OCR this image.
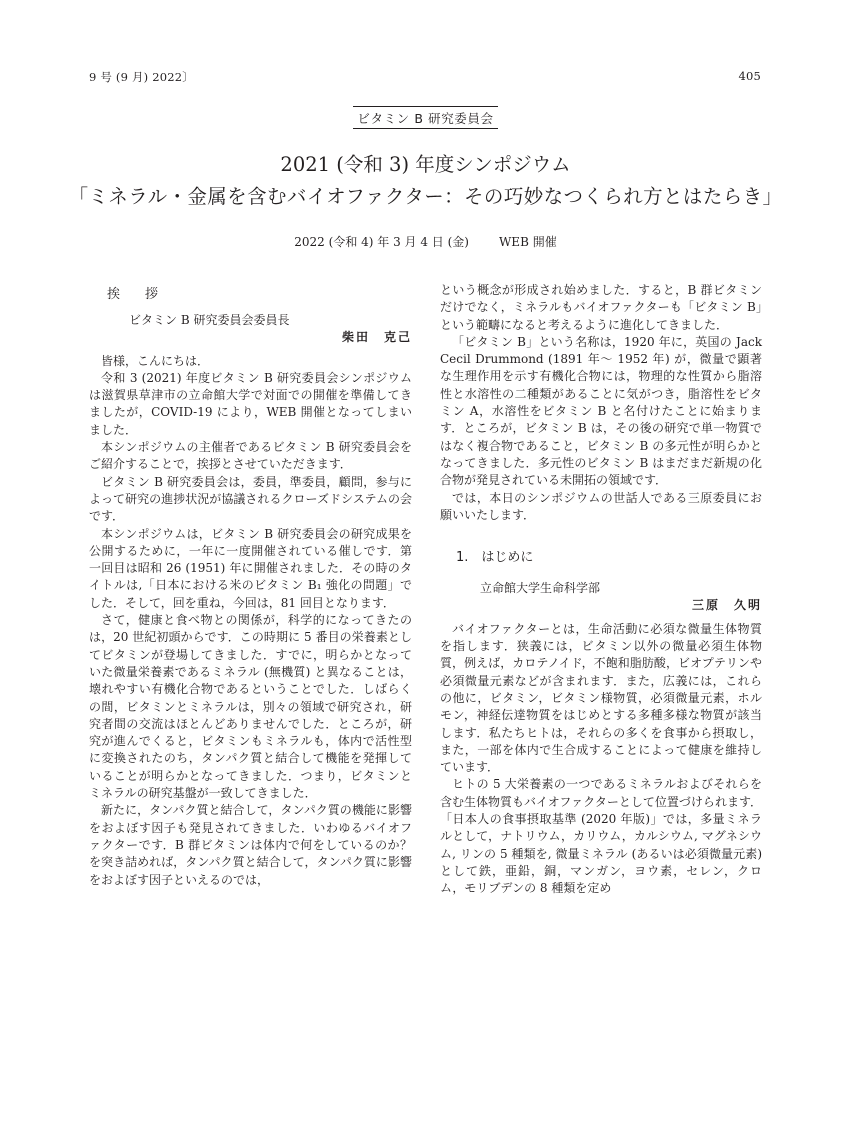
9 号 (9 月) 2022〕	405
ビタミン B 研究委員会
2021 (令和 3) 年度シンポジウム
「ミネラル・金属を含むバイオファクター：その巧妙なつくられ方とはたらき」
2022 (令和 4) 年 3 月 4 日 (金)	WEB 開催
挨　拶
ビタミン B 研究委員会委員長
柴田　克己

皆様，こんにちは．

令和 3 (2021) 年度ビタミン B 研究委員会シンポジウムは滋賀県草津市の立命館大学で対面での開催を準備してきましたが，COVID-19 により，WEB 開催となってしまいました．

本シンポジウムの主催者であるビタミン B 研究委員会をご紹介することで，挨拶とさせていただきます．

ビタミン B 研究委員会は，委員，準委員，顧問，参与によって研究の進捗状況が協議されるクローズドシステムの会です．

本シンポジウムは，ビタミン B 研究委員会の研究成果を公開するために，一年に一度開催されている催しです．第一回目は昭和 26 (1951) 年に開催されました．その時のタイトルは,「日本における米のビタミン B₁ 強化の問題」でした．そして，回を重ね，今回は，81 回目となります．

さて，健康と食べ物との関係が，科学的になってきたのは，20 世紀初頭からです．この時期に 5 番目の栄養素としてビタミンが登場してきました．すでに，明らかとなっていた微量栄養素であるミネラル (無機質) と異なることは，壊れやすい有機化合物であるということでした．しばらくの間，ビタミンとミネラルは，別々の領域で研究され，研究者間の交流はほとんどありませんでした．ところが，研究が進んでくると，ビタミンもミネラルも，体内で活性型に変換されたのち，タンパク質と結合して機能を発揮していることが明らかとなってきました．つまり，ビタミンとミネラルの研究基盤が一致してきました．

新たに，タンパク質と結合して，タンパク質の機能に影響をおよぼす因子も発見されてきました．いわゆるバイオファクターです．B 群ビタミンは体内で何をしているのか？を突き詰めれば，タンパク質と結合して，タンパク質に影響をおよぼす因子といえるのでは，

という概念が形成され始めました．すると，B 群ビタミンだけでなく，ミネラルもバイオファクターも「ビタミン B」という範疇になると考えるように進化してきました．

「ビタミン B」という名称は，1920 年に，英国の Jack Cecil Drummond (1891 年～ 1952 年) が，微量で顕著な生理作用を示す有機化合物には，物理的な性質から脂溶性と水溶性の二種類があることに気がつき，脂溶性をビタミン A，水溶性をビタミン B と名付けたことに始まります．ところが，ビタミン B は，その後の研究で単一物質ではなく複合物であること，ビタミン B の多元性が明らかとなってきました．多元性のビタミン B はまだまだ新規の化合物が発見されている未開拓の領域です．

では，本日のシンポジウムの世話人である三原委員にお願いいたします．

1.　はじめに
立命館大学生命科学部
三原　久明

バイオファクターとは，生命活動に必須な微量生体物質を指します．狭義には，ビタミン以外の微量必須生体物質，例えば，カロテノイド，不飽和脂肪酸，ビオプテリンや必須微量元素などが含まれます．また，広義には，これらの他に，ビタミン，ビタミン様物質，必須微量元素，ホルモン，神経伝達物質をはじめとする多種多様な物質が該当します．私たちヒトは，それらの多くを食事から摂取し，また，一部を体内で生合成することによって健康を維持しています．

ヒトの 5 大栄養素の一つであるミネラルおよびそれらを含む生体物質もバイオファクターとして位置づけられます．「日本人の食事摂取基準 (2020 年版)」では，多量ミネラルとして，ナトリウム，カリウム，カルシウム, マグネシウム, リンの 5 種類を, 微量ミネラル (あるいは必須微量元素) として鉄，亜鉛，銅，マンガン，ヨウ素，セレン，クロム，モリブデンの 8 種類を定め
